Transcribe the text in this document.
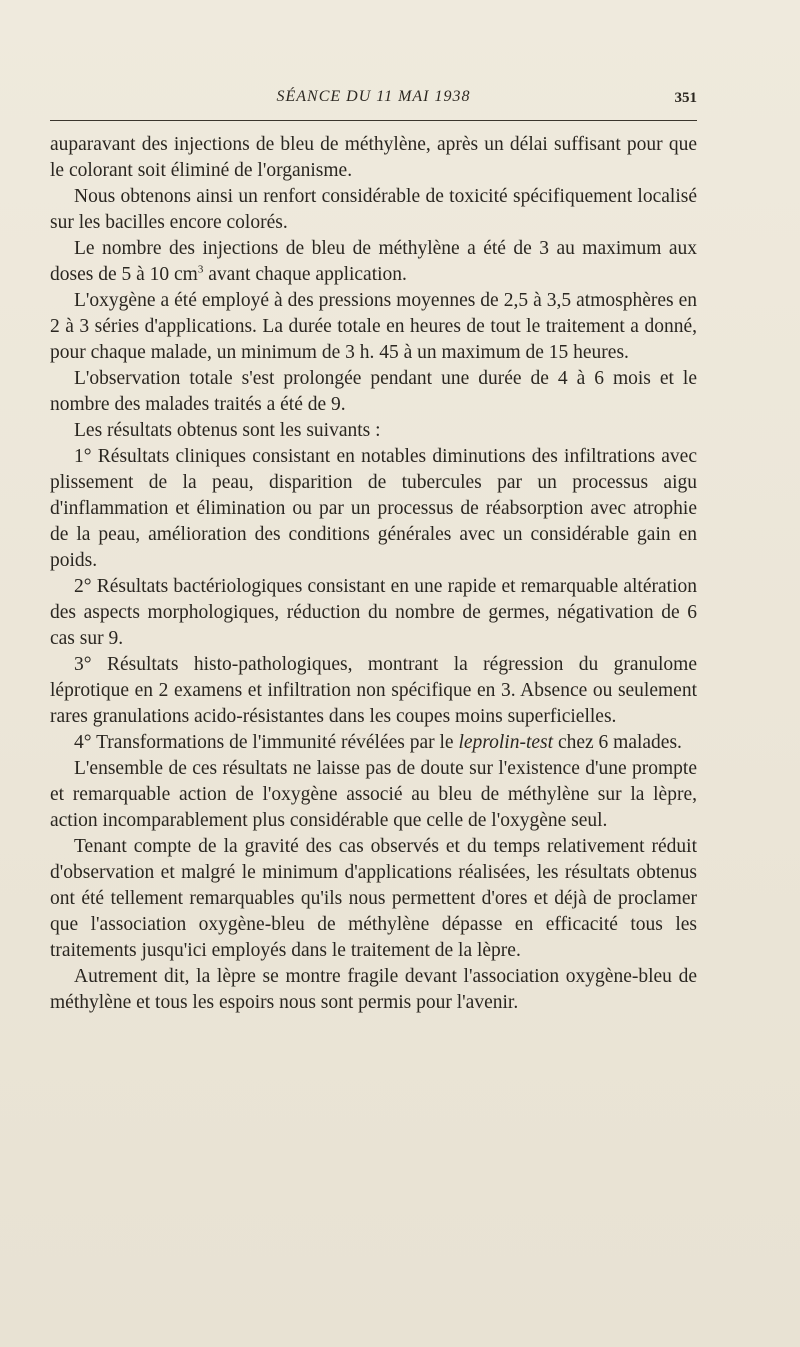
SÉANCE DU 11 MAI 1938	351

auparavant des injections de bleu de méthylène, après un délai suffisant pour que le colorant soit éliminé de l'organisme.

Nous obtenons ainsi un renfort considérable de toxicité spécifiquement localisé sur les bacilles encore colorés.

Le nombre des injections de bleu de méthylène a été de 3 au maximum aux doses de 5 à 10 $cm^3$ avant chaque application.

L'oxygène a été employé à des pressions moyennes de 2,5 à 3,5 atmosphères en 2 à 3 séries d'applications. La durée totale en heures de tout le traitement a donné, pour chaque malade, un minimum de 3 h. 45 à un maximum de 15 heures.

L'observation totale s'est prolongée pendant une durée de 4 à 6 mois et le nombre des malades traités a été de 9.

Les résultats obtenus sont les suivants :

1° Résultats cliniques consistant en notables diminutions des infiltrations avec plissement de la peau, disparition de tubercules par un processus aigu d'inflammation et élimination ou par un processus de réabsorption avec atrophie de la peau, amélioration des conditions générales avec un considérable gain en poids.

2° Résultats bactériologiques consistant en une rapide et remarquable altération des aspects morphologiques, réduction du nombre de germes, négativation de 6 cas sur 9.

3° Résultats histo-pathologiques, montrant la régression du granulome léprotique en 2 examens et infiltration non spécifique en 3. Absence ou seulement rares granulations acido-résistantes dans les coupes moins superficielles.

4° Transformations de l'immunité révélées par le leprolin-test chez 6 malades.

L'ensemble de ces résultats ne laisse pas de doute sur l'existence d'une prompte et remarquable action de l'oxygène associé au bleu de méthylène sur la lèpre, action incomparablement plus considérable que celle de l'oxygène seul.

Tenant compte de la gravité des cas observés et du temps relativement réduit d'observation et malgré le minimum d'applications réalisées, les résultats obtenus ont été tellement remarquables qu'ils nous permettent d'ores et déjà de proclamer que l'association oxygène-bleu de méthylène dépasse en efficacité tous les traitements jusqu'ici employés dans le traitement de la lèpre.

Autrement dit, la lèpre se montre fragile devant l'association oxygène-bleu de méthylène et tous les espoirs nous sont permis pour l'avenir.
